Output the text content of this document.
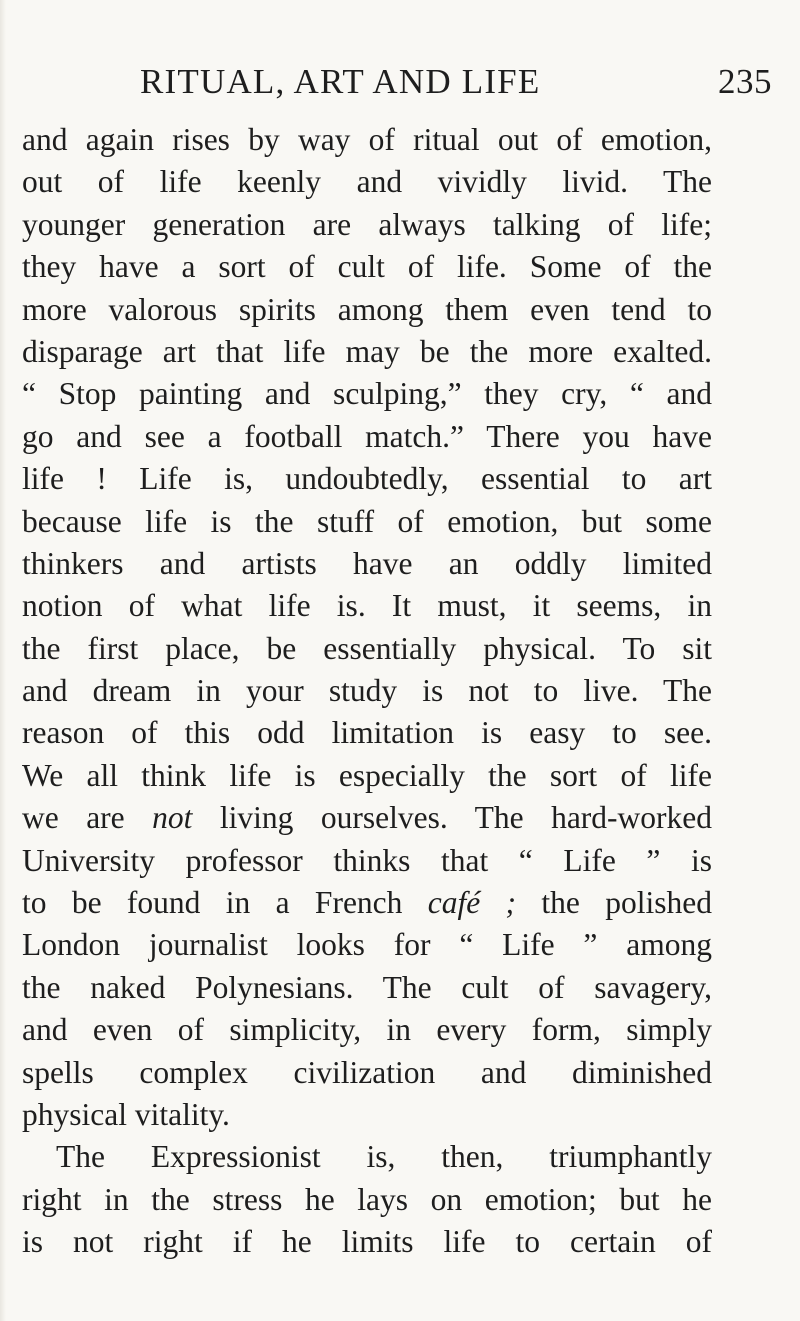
RITUAL, ART AND LIFE	235
and again rises by way of ritual out of emotion,
out of life keenly and vividly livid. The
younger generation are always talking of life;
they have a sort of cult of life. Some of the
more valorous spirits among them even tend to
disparage art that life may be the more exalted.
“ Stop painting and sculping,” they cry, “ and
go and see a football match.” There you have
life ! Life is, undoubtedly, essential to art
because life is the stuff of emotion, but some
thinkers and artists have an oddly limited
notion of what life is. It must, it seems, in
the first place, be essentially physical. To sit
and dream in your study is not to live. The
reason of this odd limitation is easy to see.
We all think life is especially the sort of life
we are not living ourselves. The hard-worked
University professor thinks that “ Life ” is
to be found in a French café ; the polished
London journalist looks for “ Life ” among
the naked Polynesians. The cult of savagery,
and even of simplicity, in every form, simply
spells complex civilization and diminished
physical vitality.
The Expressionist is, then, triumphantly
right in the stress he lays on emotion; but he
is not right if he limits life to certain of
